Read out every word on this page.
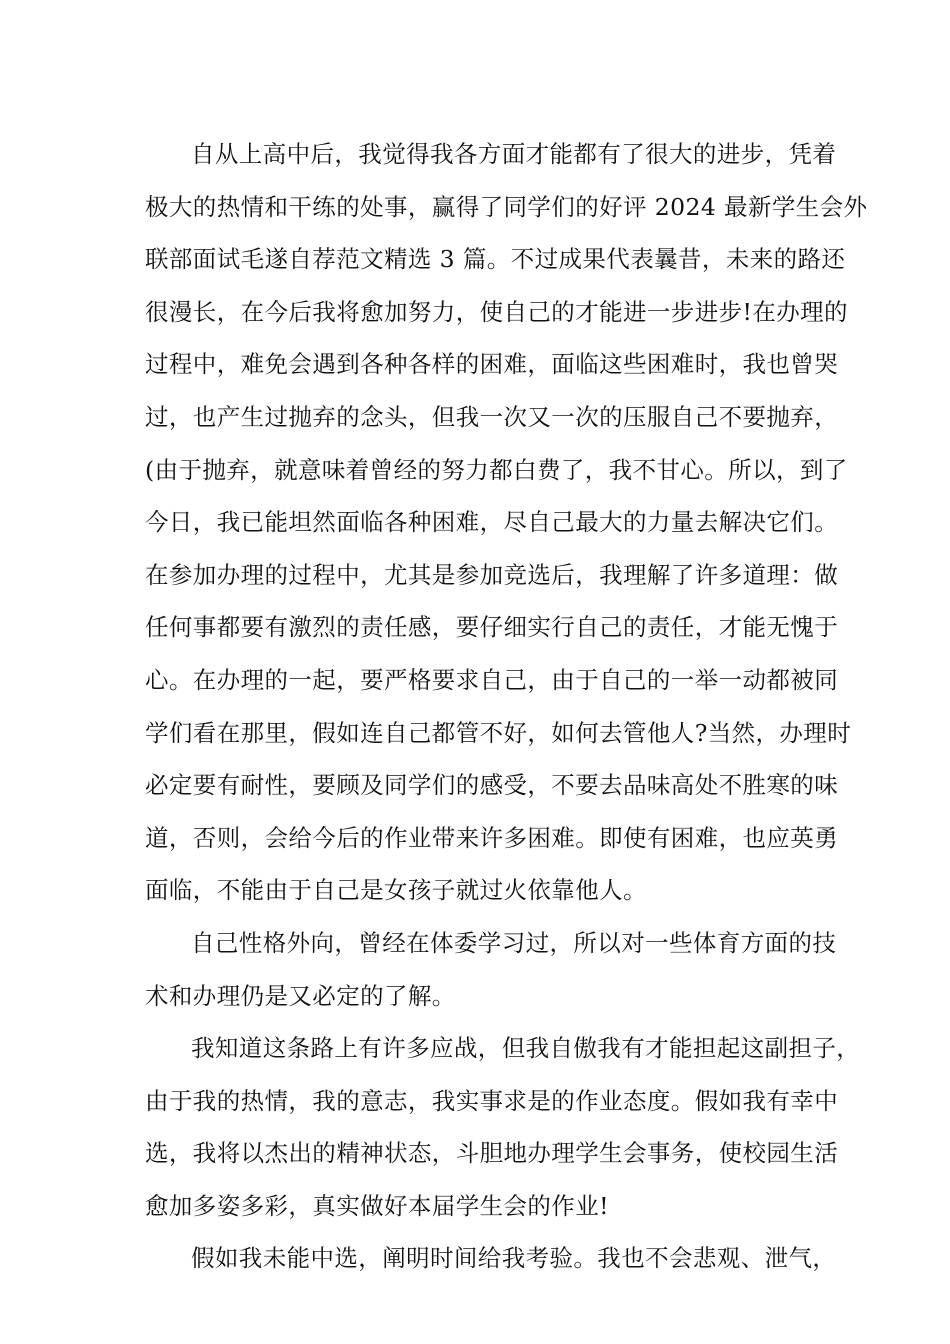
自从上高中后，我觉得我各方面才能都有了很大的进步，凭着
极大的热情和干练的处事，赢得了同学们的好评 2024 最新学生会外
联部面试毛遂自荐范文精选 3 篇。不过成果代表曩昔，未来的路还
很漫长，在今后我将愈加努力，使自己的才能进一步进步!在办理的
过程中，难免会遇到各种各样的困难，面临这些困难时，我也曾哭
过，也产生过抛弃的念头，但我一次又一次的压服自己不要抛弃，
(由于抛弃，就意味着曾经的努力都白费了，我不甘心。所以，到了
今日，我已能坦然面临各种困难，尽自己最大的力量去解决它们。
在参加办理的过程中，尤其是参加竞选后，我理解了许多道理：做
任何事都要有激烈的责任感，要仔细实行自己的责任，才能无愧于
心。在办理的一起，要严格要求自己，由于自己的一举一动都被同
学们看在那里，假如连自己都管不好，如何去管他人?当然，办理时
必定要有耐性，要顾及同学们的感受，不要去品味高处不胜寒的味
道，否则，会给今后的作业带来许多困难。即使有困难，也应英勇
面临，不能由于自己是女孩子就过火依靠他人。
自己性格外向，曾经在体委学习过，所以对一些体育方面的技
术和办理仍是又必定的了解。
我知道这条路上有许多应战，但我自傲我有才能担起这副担子，
由于我的热情，我的意志，我实事求是的作业态度。假如我有幸中
选，我将以杰出的精神状态，斗胆地办理学生会事务，使校园生活
愈加多姿多彩，真实做好本届学生会的作业!
假如我未能中选，阐明时间给我考验。我也不会悲观、泄气，
